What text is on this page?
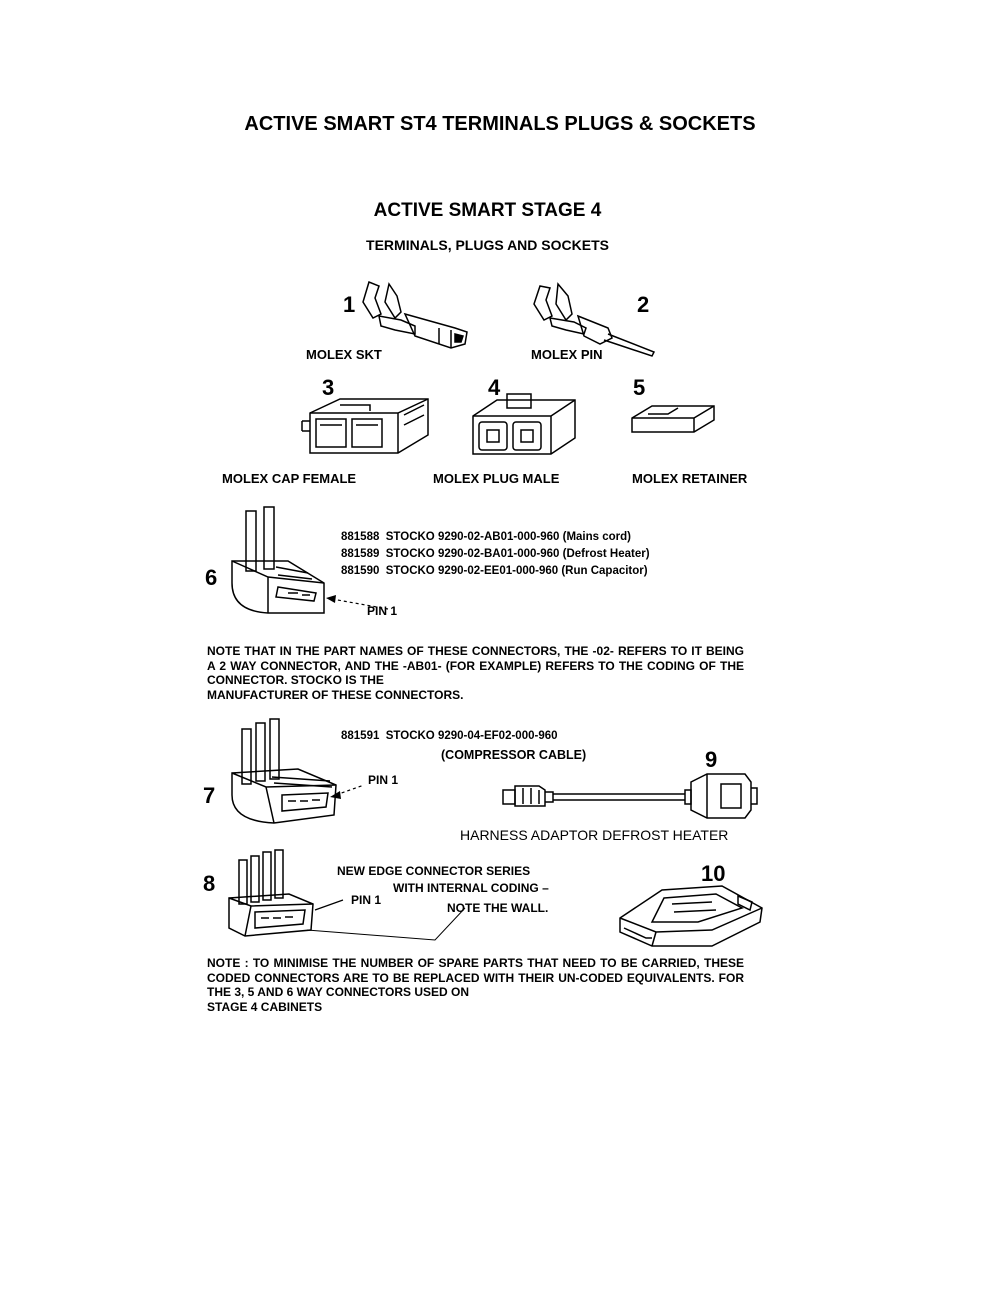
ACTIVE SMART ST4 TERMINALS PLUGS & SOCKETS
ACTIVE SMART STAGE 4
TERMINALS, PLUGS AND SOCKETS
1
MOLEX SKT
2
MOLEX PIN
3
MOLEX CAP FEMALE
4
MOLEX PLUG MALE
5
MOLEX RETAINER
6
PIN 1
881588 STOCKO 9290-02-AB01-000-960 (Mains cord)
881589 STOCKO 9290-02-BA01-000-960 (Defrost Heater)
881590 STOCKO 9290-02-EE01-000-960 (Run Capacitor)
NOTE THAT IN THE PART NAMES OF THESE CONNECTORS, THE -02- REFERS TO IT BEING A 2 WAY CONNECTOR, AND THE -AB01- (FOR EXAMPLE) REFERS TO THE CODING OF THE CONNECTOR. STOCKO IS THE
MANUFACTURER OF THESE CONNECTORS.
881591 STOCKO 9290-04-EF02-000-960
(COMPRESSOR CABLE)
7
PIN 1
9
HARNESS ADAPTOR DEFROST HEATER
8
PIN 1
NEW EDGE CONNECTOR SERIES
WITH INTERNAL CODING –
NOTE THE WALL.
10
NOTE : TO MINIMISE THE NUMBER OF SPARE PARTS THAT NEED TO BE CARRIED, THESE CODED CONNECTORS ARE TO BE REPLACED WITH THEIR UN-CODED EQUIVALENTS. FOR THE 3, 5 AND 6 WAY CONNECTORS USED ON
STAGE 4 CABINETS
